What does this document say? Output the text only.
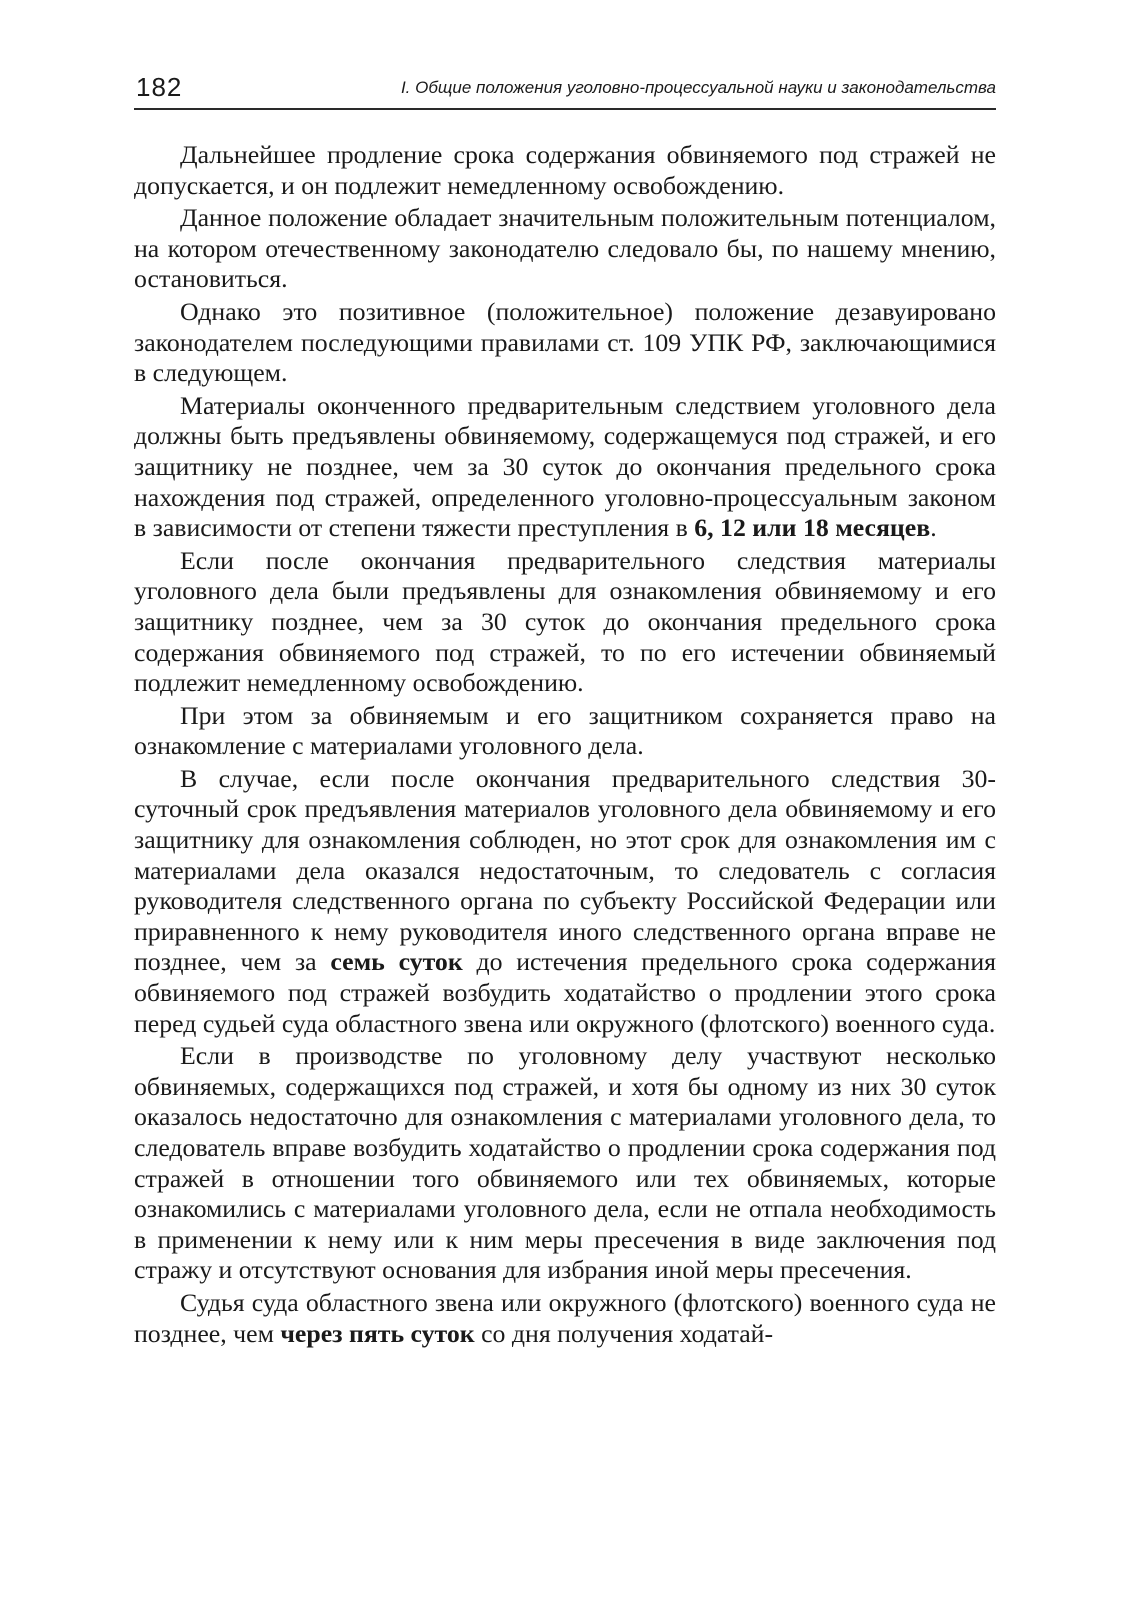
182	I. Общие положения уголовно-процессуальной науки и законодательства

Дальнейшее продление срока содержания обвиняемого под стражей не допускается, и он подлежит немедленному освобождению.

Данное положение обладает значительным положительным потенциалом, на котором отечественному законодателю следовало бы, по нашему мнению, остановиться.

Однако это позитивное (положительное) положение дезавуировано законодателем последующими правилами ст. 109 УПК РФ, заключающимися в следующем.

Материалы оконченного предварительным следствием уголовного дела должны быть предъявлены обвиняемому, содержащемуся под стражей, и его защитнику не позднее, чем за 30 суток до окончания предельного срока нахождения под стражей, определенного уголовно-процессуальным законом в зависимости от степени тяжести преступления в 6, 12 или 18 месяцев.

Если после окончания предварительного следствия материалы уголовного дела были предъявлены для ознакомления обвиняемому и его защитнику позднее, чем за 30 суток до окончания предельного срока содержания обвиняемого под стражей, то по его истечении обвиняемый подлежит немедленному освобождению.

При этом за обвиняемым и его защитником сохраняется право на ознакомление с материалами уголовного дела.

В случае, если после окончания предварительного следствия 30-суточный срок предъявления материалов уголовного дела обвиняемому и его защитнику для ознакомления соблюден, но этот срок для ознакомления им с материалами дела оказался недостаточным, то следователь с согласия руководителя следственного органа по субъекту Российской Федерации или приравненного к нему руководителя иного следственного органа вправе не позднее, чем за семь суток до истечения предельного срока содержания обвиняемого под стражей возбудить ходатайство о продлении этого срока перед судьей суда областного звена или окружного (флотского) военного суда.

Если в производстве по уголовному делу участвуют несколько обвиняемых, содержащихся под стражей, и хотя бы одному из них 30 суток оказалось недостаточно для ознакомления с материалами уголовного дела, то следователь вправе возбудить ходатайство о продлении срока содержания под стражей в отношении того обвиняемого или тех обвиняемых, которые ознакомились с материалами уголовного дела, если не отпала необходимость в применении к нему или к ним меры пресечения в виде заключения под стражу и отсутствуют основания для избрания иной меры пресечения.

Судья суда областного звена или окружного (флотского) военного суда не позднее, чем через пять суток со дня получения ходатай-
